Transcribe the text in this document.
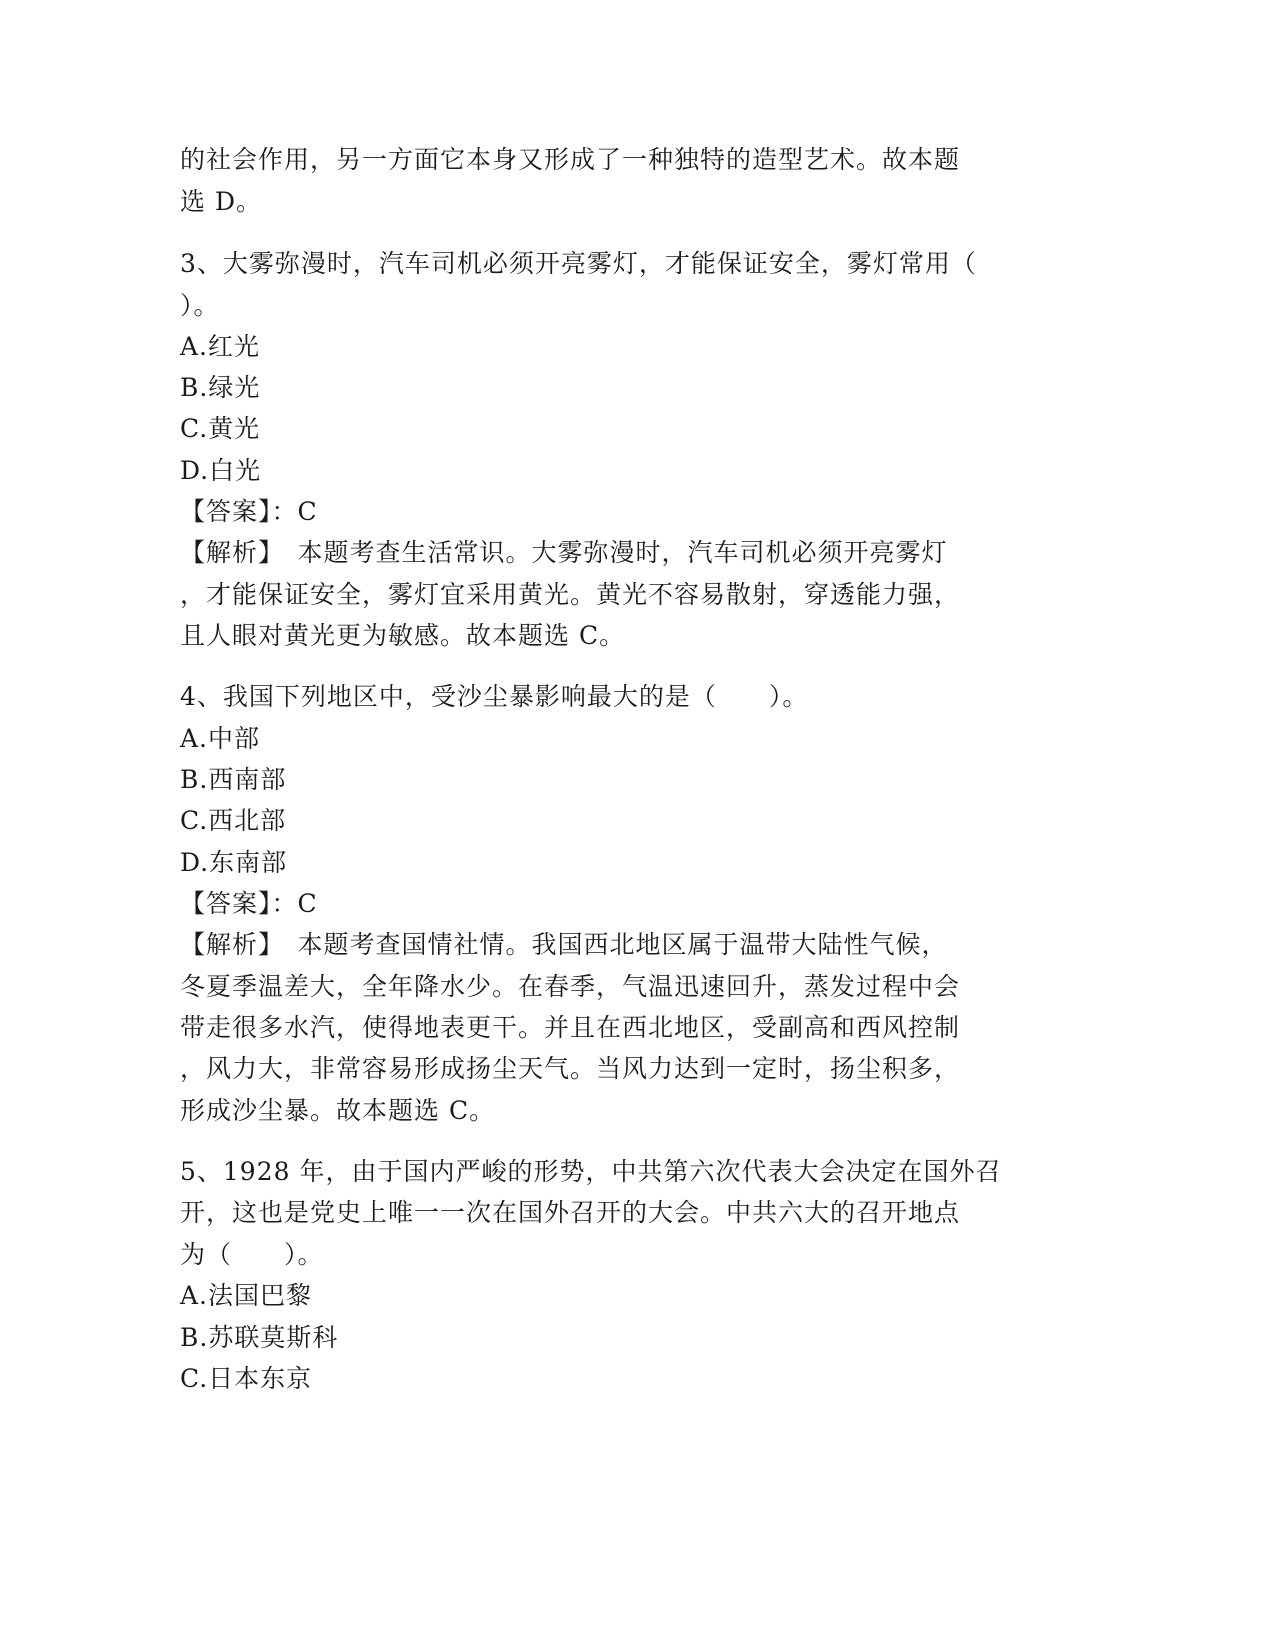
的社会作用，另一方面它本身又形成了一种独特的造型艺术。故本题

选 D。

3、大雾弥漫时，汽车司机必须开亮雾灯，才能保证安全，雾灯常用（

）。

A.红光

B.绿光

C.黄光

D.白光

【答案】：C

【解析】　本题考查生活常识。大雾弥漫时，汽车司机必须开亮雾灯

，才能保证安全，雾灯宜采用黄光。黄光不容易散射，穿透能力强，

且人眼对黄光更为敏感。故本题选 C。

4、我国下列地区中，受沙尘暴影响最大的是（　　）。

A.中部

B.西南部

C.西北部

D.东南部

【答案】：C

【解析】　本题考查国情社情。我国西北地区属于温带大陆性气候，

冬夏季温差大，全年降水少。在春季，气温迅速回升，蒸发过程中会

带走很多水汽，使得地表更干。并且在西北地区，受副高和西风控制

，风力大，非常容易形成扬尘天气。当风力达到一定时，扬尘积多，

形成沙尘暴。故本题选 C。

5、1928 年，由于国内严峻的形势，中共第六次代表大会决定在国外召

开，这也是党史上唯一一次在国外召开的大会。中共六大的召开地点

为（　　）。

A.法国巴黎

B.苏联莫斯科

C.日本东京
